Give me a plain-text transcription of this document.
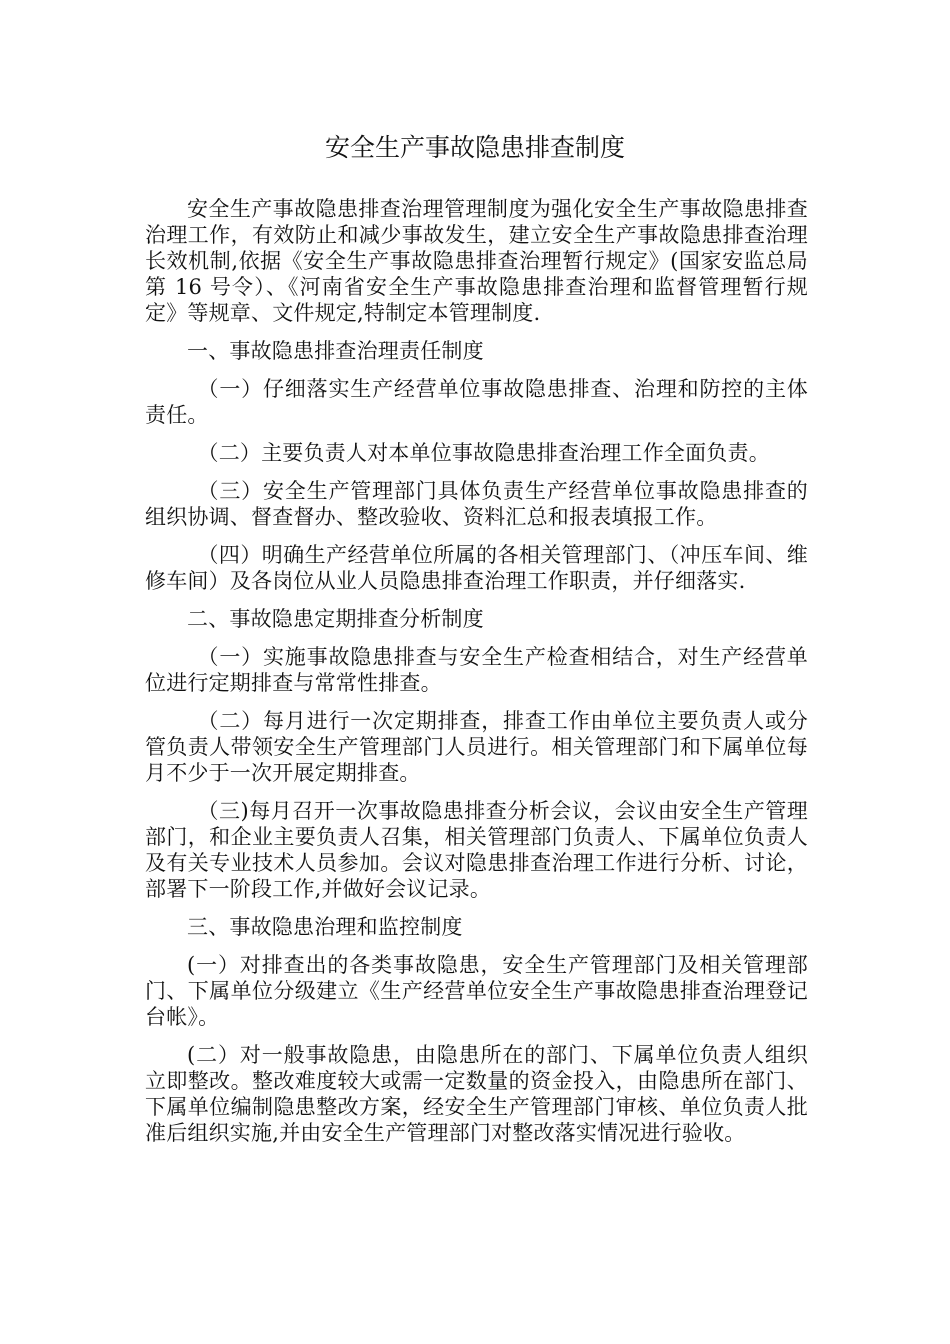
安全生产事故隐患排查制度

安全生产事故隐患排查治理管理制度为强化安全生产事故隐患排查治理工作，有效防止和减少事故发生，建立安全生产事故隐患排查治理长效机制,依据《安全生产事故隐患排查治理暂行规定》(国家安监总局第 16 号令）、《河南省安全生产事故隐患排查治理和监督管理暂行规定》等规章、文件规定,特制定本管理制度.

一、事故隐患排查治理责任制度

（一）仔细落实生产经营单位事故隐患排查、治理和防控的主体责任。

（二）主要负责人对本单位事故隐患排查治理工作全面负责。

（三）安全生产管理部门具体负责生产经营单位事故隐患排查的组织协调、督查督办、整改验收、资料汇总和报表填报工作。

（四）明确生产经营单位所属的各相关管理部门、（冲压车间、维修车间）及各岗位从业人员隐患排查治理工作职责，并仔细落实.

二、事故隐患定期排查分析制度

（一）实施事故隐患排查与安全生产检查相结合，对生产经营单位进行定期排查与常常性排查。

（二）每月进行一次定期排查，排查工作由单位主要负责人或分管负责人带领安全生产管理部门人员进行。相关管理部门和下属单位每月不少于一次开展定期排查。

（三)每月召开一次事故隐患排查分析会议，会议由安全生产管理部门，和企业主要负责人召集，相关管理部门负责人、下属单位负责人及有关专业技术人员参加。会议对隐患排查治理工作进行分析、讨论，部署下一阶段工作,并做好会议记录。

三、事故隐患治理和监控制度

(一）对排查出的各类事故隐患，安全生产管理部门及相关管理部门、下属单位分级建立《生产经营单位安全生产事故隐患排查治理登记台帐》。

(二）对一般事故隐患，由隐患所在的部门、下属单位负责人组织立即整改。整改难度较大或需一定数量的资金投入，由隐患所在部门、下属单位编制隐患整改方案，经安全生产管理部门审核、单位负责人批准后组织实施,并由安全生产管理部门对整改落实情况进行验收。
